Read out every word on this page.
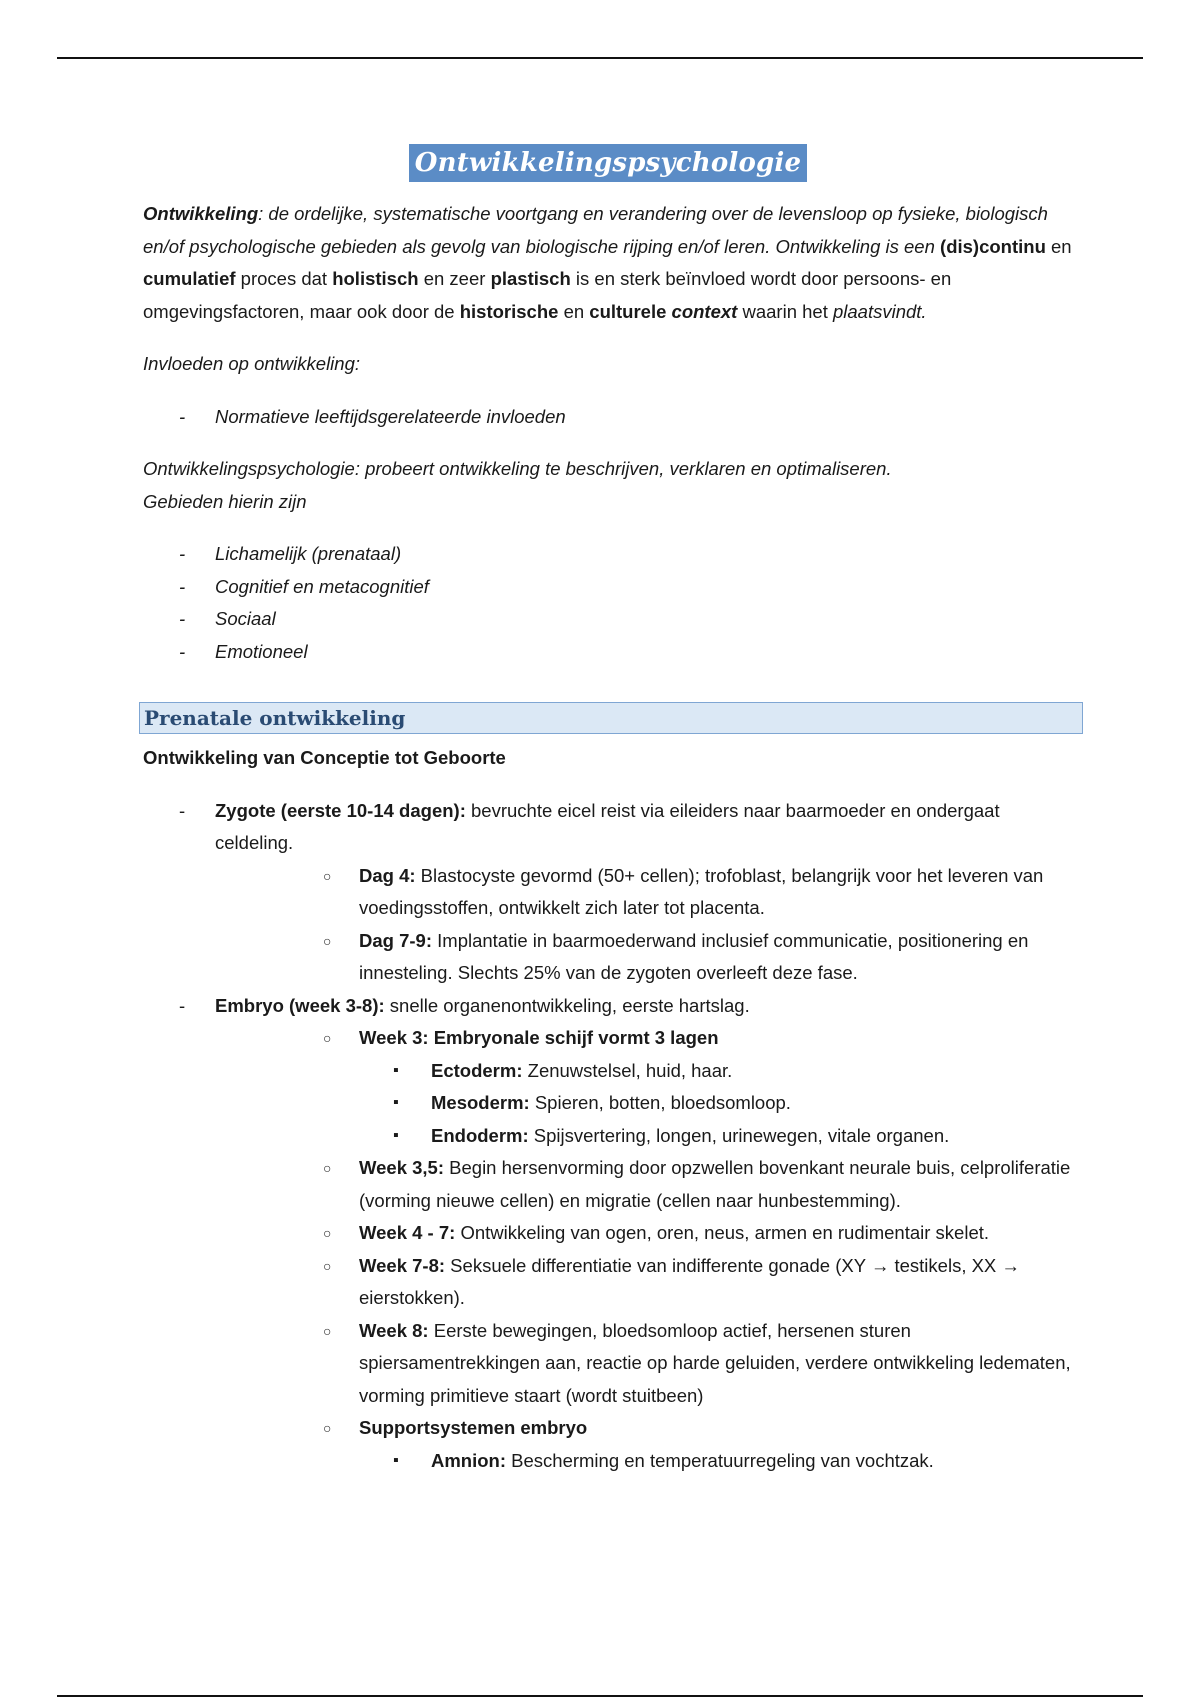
Ontwikkelingspsychologie

Ontwikkeling: de ordelijke, systematische voortgang en verandering over de levensloop op fysieke, biologisch en/of psychologische gebieden als gevolg van biologische rijping en/of leren. Ontwikkeling is een (dis)continu en cumulatief proces dat holistisch en zeer plastisch is en sterk beïnvloed wordt door persoons- en omgevingsfactoren, maar ook door de historische en culturele context waarin het plaatsvindt.

Invloeden op ontwikkeling:

- Normatieve leeftijdsgerelateerde invloeden

Ontwikkelingspsychologie: probeert ontwikkeling te beschrijven, verklaren en optimaliseren.

Gebieden hierin zijn

- Lichamelijk (prenataal)
- Cognitief en metacognitief
- Sociaal
- Emotioneel
Prenatale ontwikkeling
Ontwikkeling van Conceptie tot Geboorte
- Zygote (eerste 10-14 dagen): bevruchte eicel reist via eileiders naar baarmoeder en ondergaat celdeling.
○ Dag 4: Blastocyste gevormd (50+ cellen); trofoblast, belangrijk voor het leveren van voedingsstoffen, ontwikkelt zich later tot placenta.
○ Dag 7-9: Implantatie in baarmoederwand inclusief communicatie, positionering en innesteling. Slechts 25% van de zygoten overleeft deze fase.
- Embryo (week 3-8): snelle organenontwikkeling, eerste hartslag.
○ Week 3: Embryonale schijf vormt 3 lagen
▪ Ectoderm: Zenuwstelsel, huid, haar.
▪ Mesoderm: Spieren, botten, bloedsomloop.
▪ Endoderm: Spijsvertering, longen, urinewegen, vitale organen.
○ Week 3,5: Begin hersenvorming door opzwellen bovenkant neurale buis, celproliferatie (vorming nieuwe cellen) en migratie (cellen naar hunbestemming).
○ Week 4 - 7: Ontwikkeling van ogen, oren, neus, armen en rudimentair skelet.
○ Week 7-8: Seksuele differentiatie van indifferente gonade (XY → testikels, XX → eierstokken).
○ Week 8: Eerste bewegingen, bloedsomloop actief, hersenen sturen spiersamentrekkingen aan, reactie op harde geluiden, verdere ontwikkeling ledematen, vorming primitieve staart (wordt stuitbeen)
○ Supportsystemen embryo
▪ Amnion: Bescherming en temperatuurregeling van vochtzak.
